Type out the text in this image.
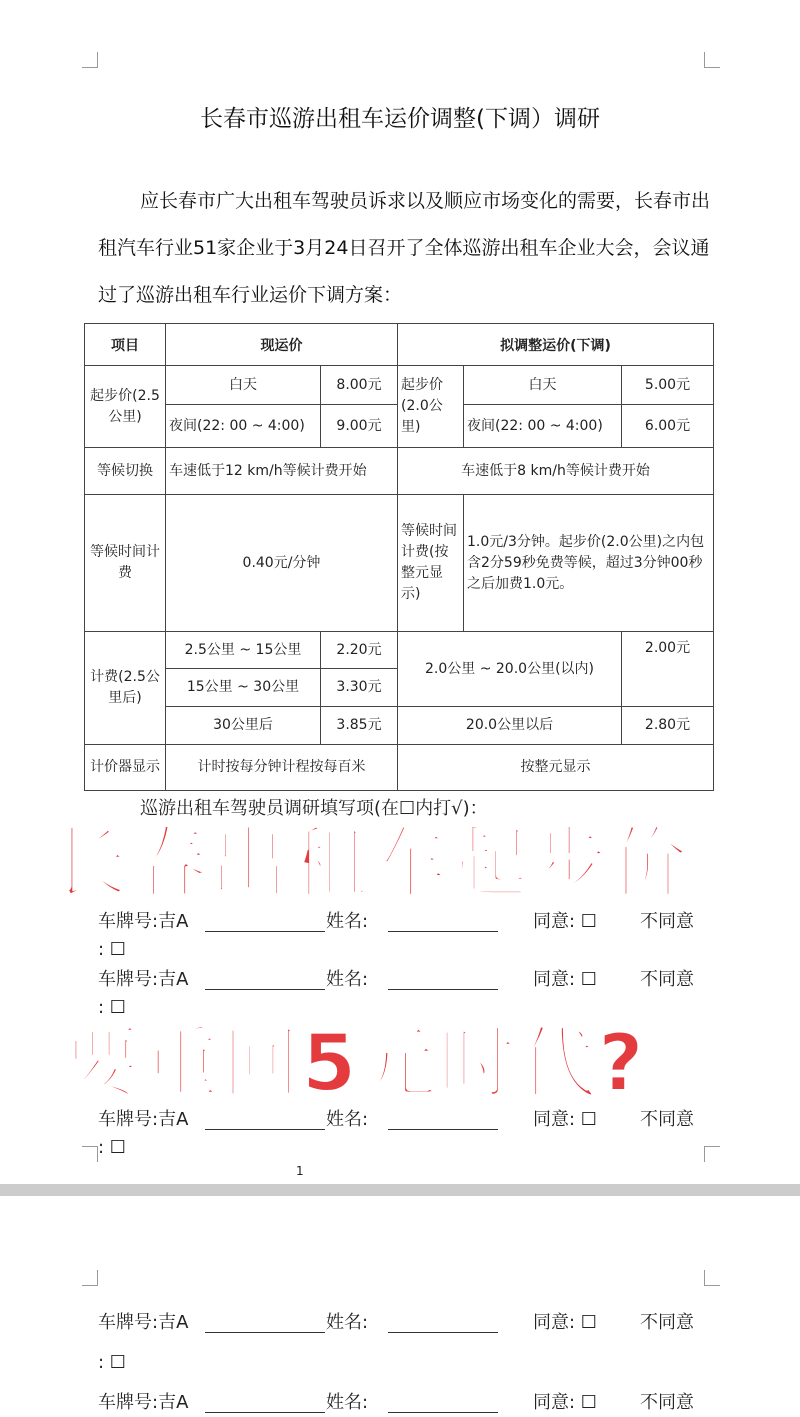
长春市巡游出租车运价调整(下调）调研

应长春市广大出租车驾驶员诉求以及顺应市场变化的需要，长春市出租汽车行业51家企业于3月24日召开了全体巡游出租车企业大会，会议通过了巡游出租车行业运价下调方案：

项目	现运价		拟调整运价(下调)		
起步价(2.5公里)	白天	8.00元	起步价(2.0公里)	白天	5.00元
	夜间(22: 00 ~ 4:00)	9.00元		夜间(22: 00 ~ 4:00)	6.00元
等候切换	车速低于12 km/h等候计费开始		车速低于8 km/h等候计费开始		
等候时间计费	0.40元/分钟		等候时间计费(按整元显示)	1.0元/3分钟。起步价(2.0公里)之内包含2分59秒免费等候，超过3分钟00秒之后加费1.0元。	
计费(2.5公里后)	2.5公里 ~ 15公里	2.20元	2.0公里 ~ 20.0公里(以内)		2.00元
	15公里 ~ 30公里	3.30元			
	30公里后	3.85元	20.0公里以后		2.80元
计价器显示	计时按每分钟计程按每百米		按整元显示		
巡游出租车驾驶员调研填写项(在☐内打√)：
长春出租车起步价
车牌号:吉A	姓名:	同意: ☐ 不同意
: ☐
车牌号:吉A	姓名:	同意: ☐ 不同意
: ☐
要重回5元时代?
车牌号:吉A	姓名:	同意: ☐ 不同意
: ☐
1
车牌号:吉A	姓名:	同意: ☐ 不同意
: ☐
车牌号:吉A	姓名:	同意: ☐ 不同意
